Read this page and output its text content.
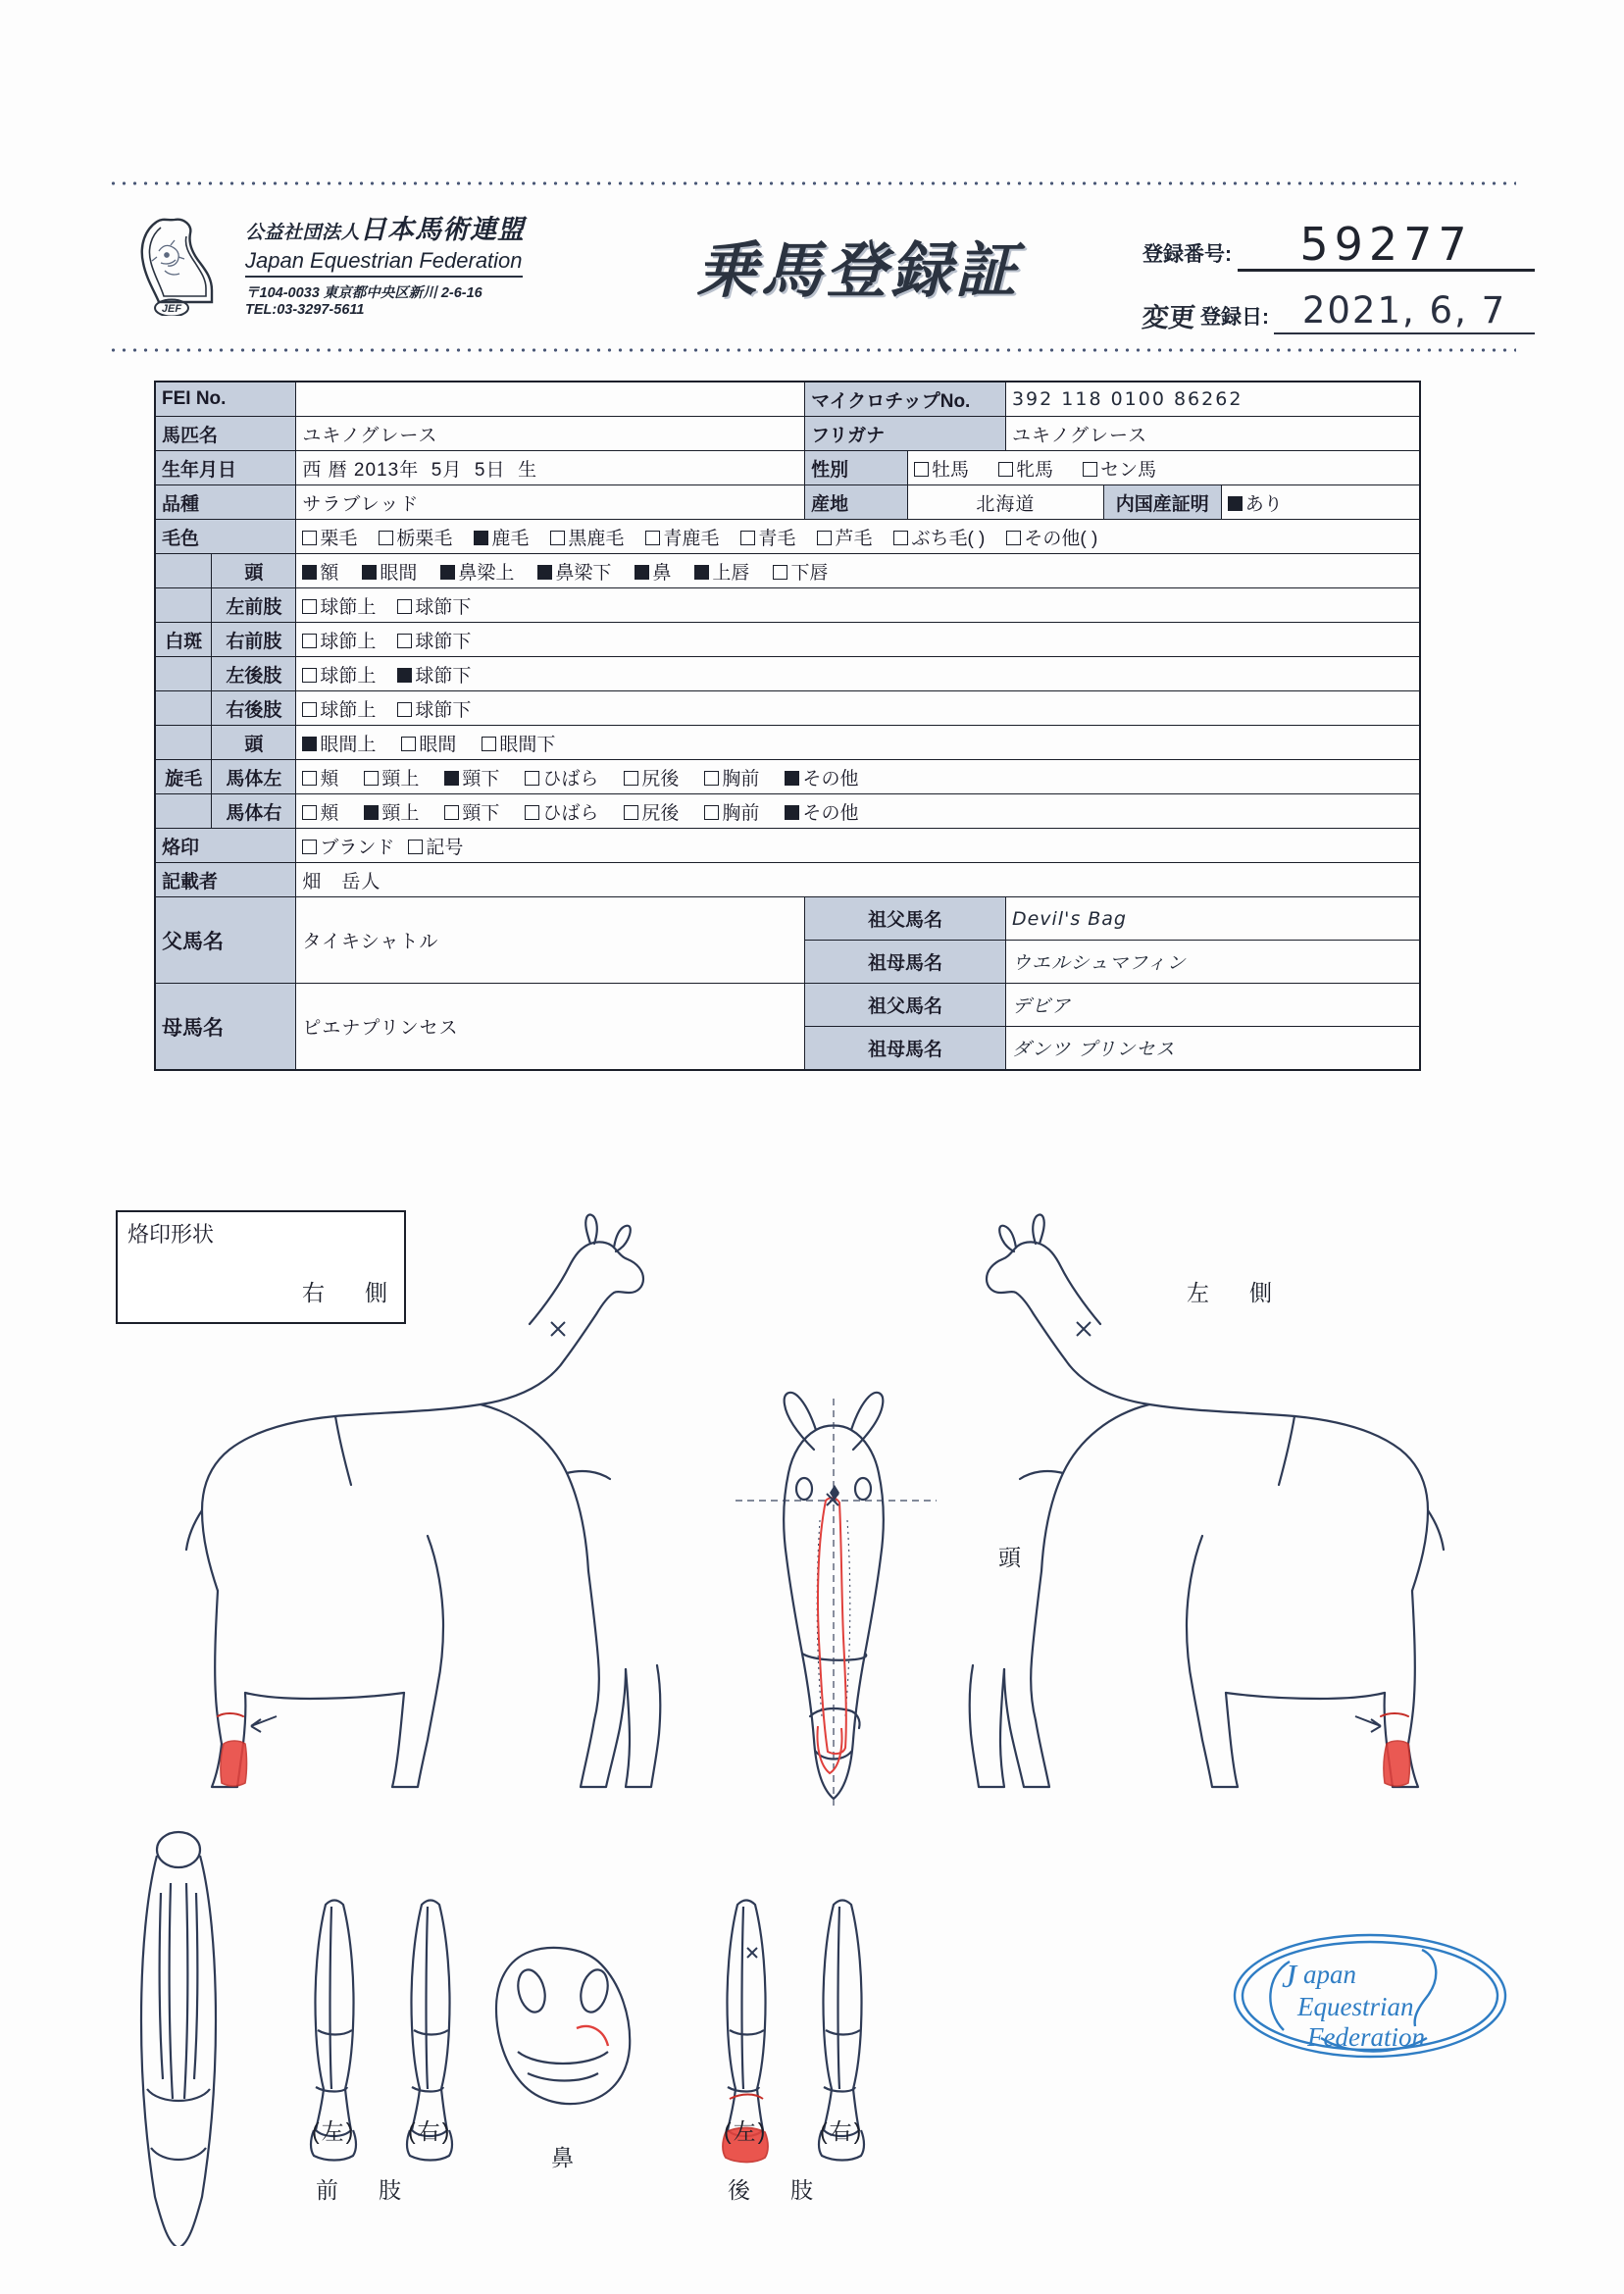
JEF
公益社団法人日本馬術連盟
Japan Equestrian Federation
〒104-0033 東京都中央区新川 2-6-16
TEL:03-3297-5611
乗馬登録証	登録番号:	59277
変更 登録日: 2021, 6, 7
FEI No.			マイクロチップNo.		392 118 0100 86262		
馬匹名		ユキノグレース	フリガナ		ユキノグレース		
生年月日		西 暦 2013年 5月 5日 生	性別	牡馬 牝馬 セン馬			
品種		サラブレッド	産地	北海道		内国産証明	あり
毛色		栗毛 栃栗毛 鹿毛 黒鹿毛 青鹿毛 青毛 芦毛 ぶち毛( ) その他( )					
	頭	額 眼間 鼻梁上 鼻梁下 鼻 上唇 下唇					
	左前肢	球節上 球節下					
白斑	右前肢	球節上 球節下					
	左後肢	球節上 球節下					
	右後肢	球節上 球節下					
	頭	眼間上 眼間 眼間下					
旋毛	馬体左	頬 頸上 頸下 ひばら 尻後 胸前 その他					
	馬体右	頬 頸上 頸下 ひばら 尻後 胸前 その他					
烙印		ブランド 記号					
記載者		畑　岳人					
父馬名		タイキシャトル	祖父馬名		Devil's Bag		
			祖母馬名		ウエルシュマフィン		
母馬名		ピエナプリンセス	祖父馬名		デビア		
			祖母馬名		ダンツ プリンセス		
烙印形状
右　側	左　側
頭
(左) (右)
前　肢
鼻
(左) (右)
後　肢
J apan
Equestrian
Federation
